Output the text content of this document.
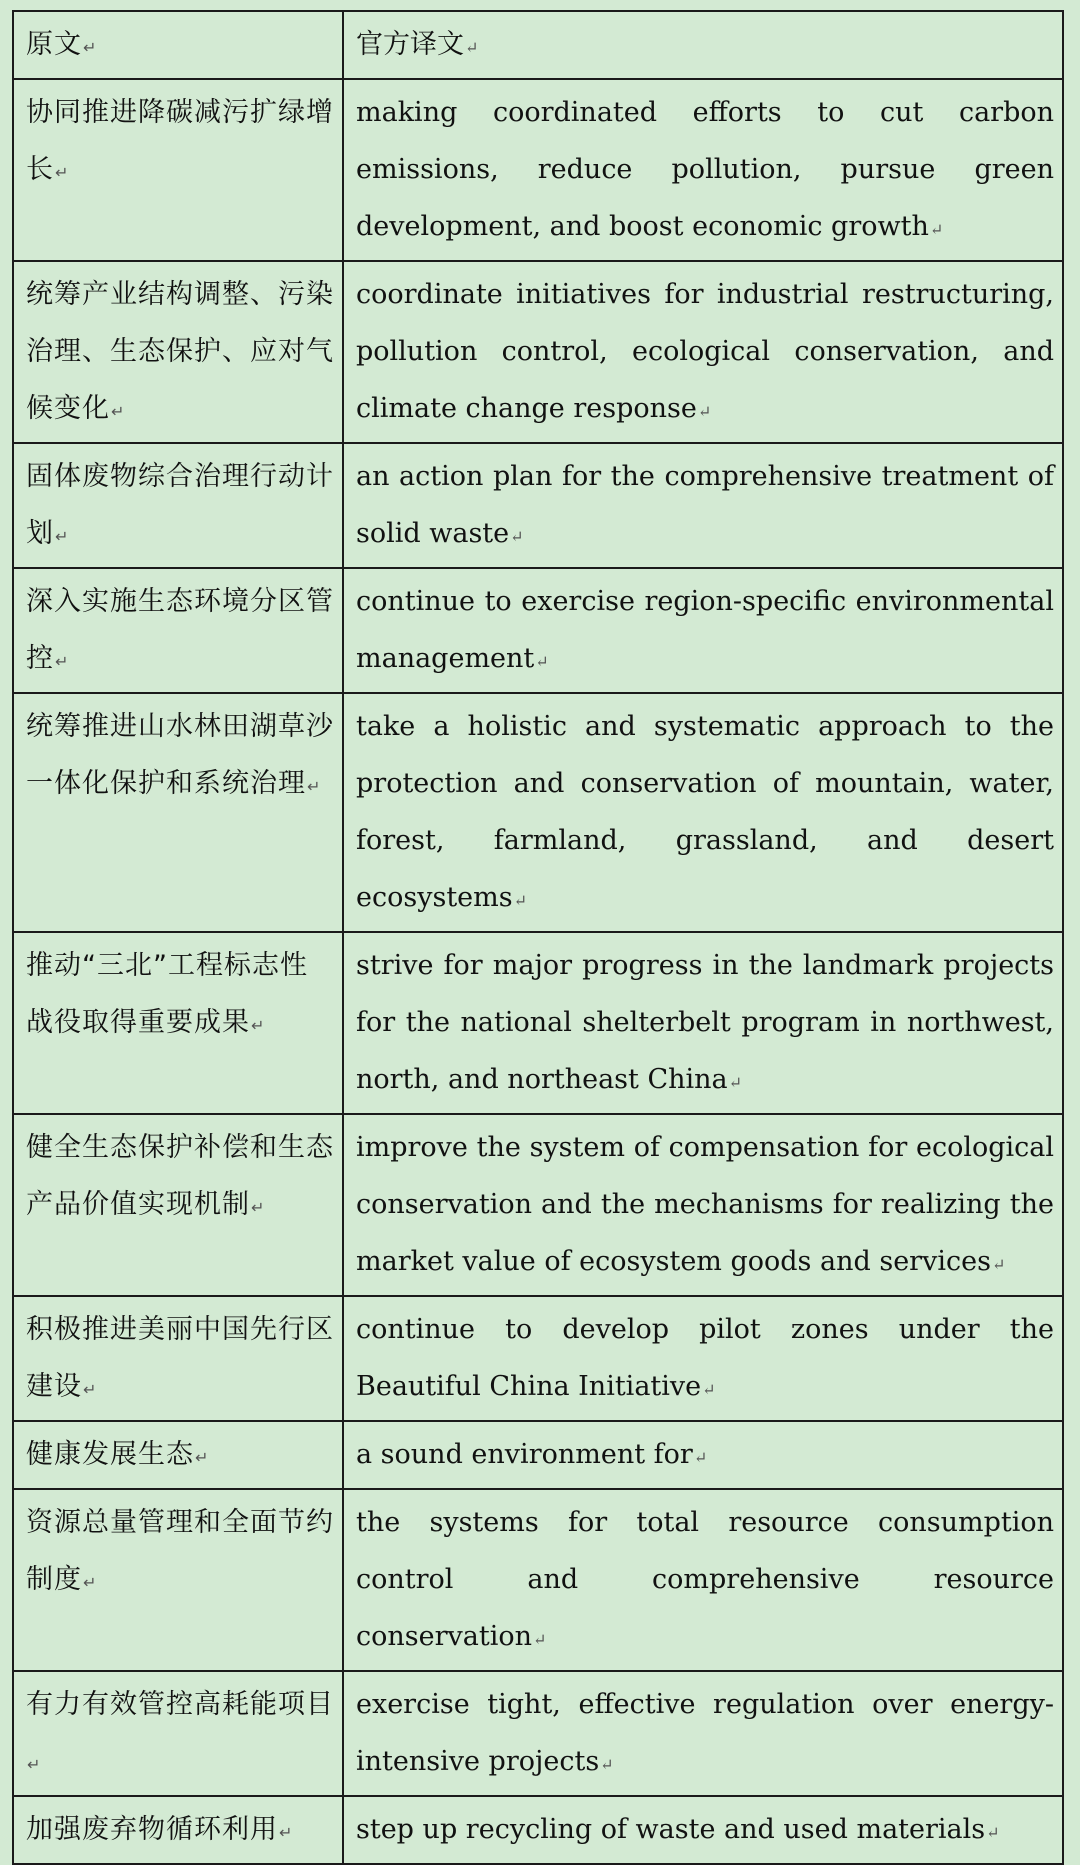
原文↵	官方译文↵
协同推进降碳减污扩绿增长↵	making coordinated efforts to cut carbon emissions, reduce pollution, pursue green development, and boost economic growth↵
统筹产业结构调整、污染治理、生态保护、应对气候变化↵	coordinate initiatives for industrial restructuring, pollution control, ecological conservation, and climate change response↵
固体废物综合治理行动计划↵	an action plan for the comprehensive treatment of solid waste↵
深入实施生态环境分区管控↵	continue to exercise region-specific environmental management↵
统筹推进山水林田湖草沙一体化保护和系统治理↵	take a holistic and systematic approach to the protection and conservation of mountain, water, forest, farmland, grassland, and desert ecosystems↵
推动“三北”工程标志性战役取得重要成果↵	strive for major progress in the landmark projects for the national shelterbelt program in northwest, north, and northeast China↵
健全生态保护补偿和生态产品价值实现机制↵	improve the system of compensation for ecological conservation and the mechanisms for realizing the market value of ecosystem goods and services↵
积极推进美丽中国先行区建设↵	continue to develop pilot zones under the Beautiful China Initiative↵
健康发展生态↵	a sound environment for↵
资源总量管理和全面节约制度↵	the systems for total resource consumption control and comprehensive resource conservation↵
有力有效管控高耗能项目↵	exercise tight, effective regulation over energy-intensive projects↵
加强废弃物循环利用↵	step up recycling of waste and used materials↵
